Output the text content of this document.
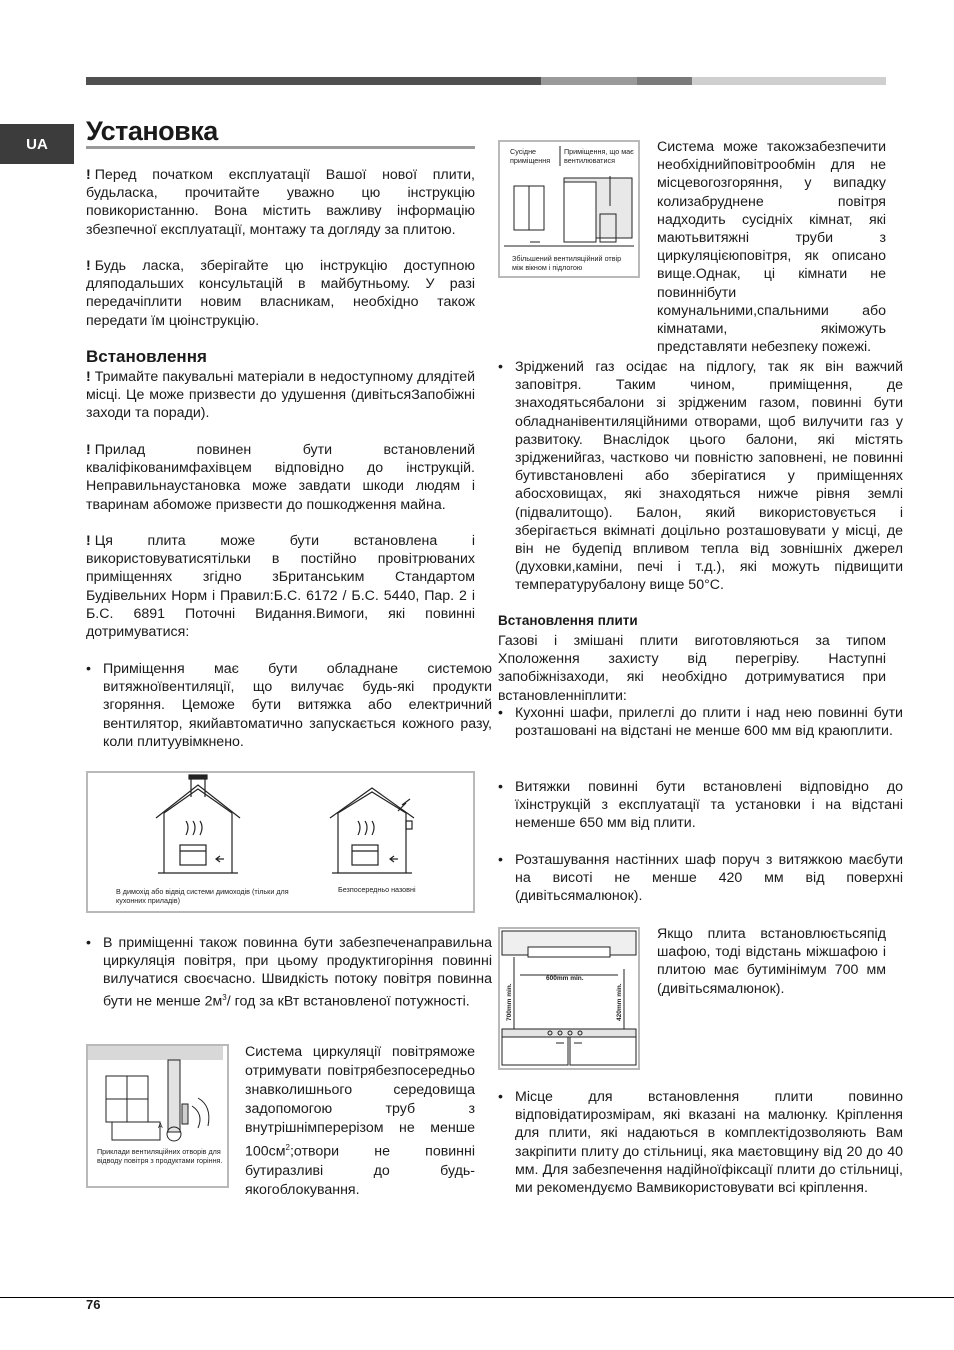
UA	Установка
! Перед початком експлуатації Вашої нової плити, будьласка, прочитайте уважно цю інструкцію повикористанню. Вона містить важливу інформацію збезпечної експлуатації, монтажу та догляду за плитою.
! Будь ласка, зберігайте цю інструкцію доступною дляподальших консультацій в майбутньому. У разі передачіплити новим власникам, необхідно також передати їм цюінструкцію.
Встановлення
! Тримайте пакувальні матеріали в недоступному длядітей місці. Це може призвести до удушення (дивітьсяЗапобіжні заходи та поради).
! Прилад повинен бути встановлений кваліфікованимфахівцем відповідно до інструкцій. Неправильнаустановка може завдати шкоди людям і тваринам абоможе призвести до пошкодження майна.
! Ця плита може бути встановлена і використовуватисятільки в постійно провітрюваних приміщеннях згідно зБританським Стандартом Будівельних Норм і Правил:Б.С. 6172 / Б.С. 5440, Пар. 2 і Б.С. 6891 Поточні Видання.Вимоги, які повинні дотримуватися:
• Приміщення має бути обладнане системою витяжноївентиляції, що вилучає будь-які продукти згоряння. Цеможе бути витяжка або електричний вентилятор, якийавтоматично запускається кожного разу, коли плитуувімкнено.
В димохід або відвід системи димоходів (тільки для кухонних приладів)
Безпосередньо назовні
• В приміщенні також повинна бути забезпеченаправильна циркуляція повітря, при цьому продуктигоріння повинні вилучатися своєчасно. Швидкість потоку повітря повинна бути не менше $2м^3/$ год за кВт встановленої потужності.
A
Приклади вентиляційних отворів для відводу повітря з продуктами горіння.
Система циркуляції повітряможе отримувати повітрябезпосередньо знавколишнього середовища задопомогою труб з внутрішнімперерізом не менше $100см^2;отвори$ не повинні бутиразливі до будь-якогоблокування.
Сусідне приміщення
Приміщення, що має вентилюватися
Збільшений вентиляційний отвір між вікном і підлогою
Система може такожзабезпечити необхіднийповітрообмін для не місцевогозгоряння, у випадку колизабруднене повітря надходить сусідніх кімнат, які маютьвитяжні труби з циркуляцієюповітря, як описано вище.Однак, ці кімнати не повиннібути комунальними,спальними або кімнатами, якіможуть представляти небезпеку пожежі.
• Зріджений газ осідає на підлогу, так як він важчий заповітря. Таким чином, приміщення, де знаходятьсябалони зі зрідженим газом, повинні бути обладнанівентиляційними отворами, щоб вилучити газ у развитоку. Внаслідок цього балони, які містять зрідженийгаз, частково чи повністю заповнені, не повинні бутивстановлені або зберігатися у приміщеннях абосховищах, які знаходяться нижче рівня землі (підвалитощо). Балон, який використовується і зберігається вкімнаті доцільно розташовувати у місці, де він не будепід впливом тепла від зовнішніх джерел (духовки,каміни, печі і т.д.), які можуть підвищити температурубалону вище 50°C.
Встановлення плити
Газові і змішані плити виготовляються за типом Xположення захисту від перегріву. Наступні запобіжнізаходи, які необхідно дотримуватися при встановленніплити:
• Кухонні шафи, прилеглі до плити і над нею повинні бути розташовані на відстані не менше 600 мм від краюплити.
• Витяжки повинні бути встановлені відповідно до їхінструкцій з експлуатації та установки і на відстані неменше 650 мм від плити.
• Розташування настінних шаф поруч з витяжкою маєбути на висоті не менше 420 мм від поверхні (дивітьсямалюнок).
600mm min.
700mm min.	420mm min.
Якщо плита встановлюєтьсяпід шафою, тоді відстань міжшафою і плитою має бутимінімум 700 мм (дивітьсямалюнок).
• Місце для встановлення плити повинно відповідатирозмірам, які вказані на малюнку. Кріплення для плити, які надаються в комплектідозволяють Вам закріпити плиту до стільниці, яка маєтовщину від 20 до 40 мм. Для забезпечення надійноїфіксації плити до стільниці, ми рекомендуємо Вамвикористовувати всі кріплення.
76
